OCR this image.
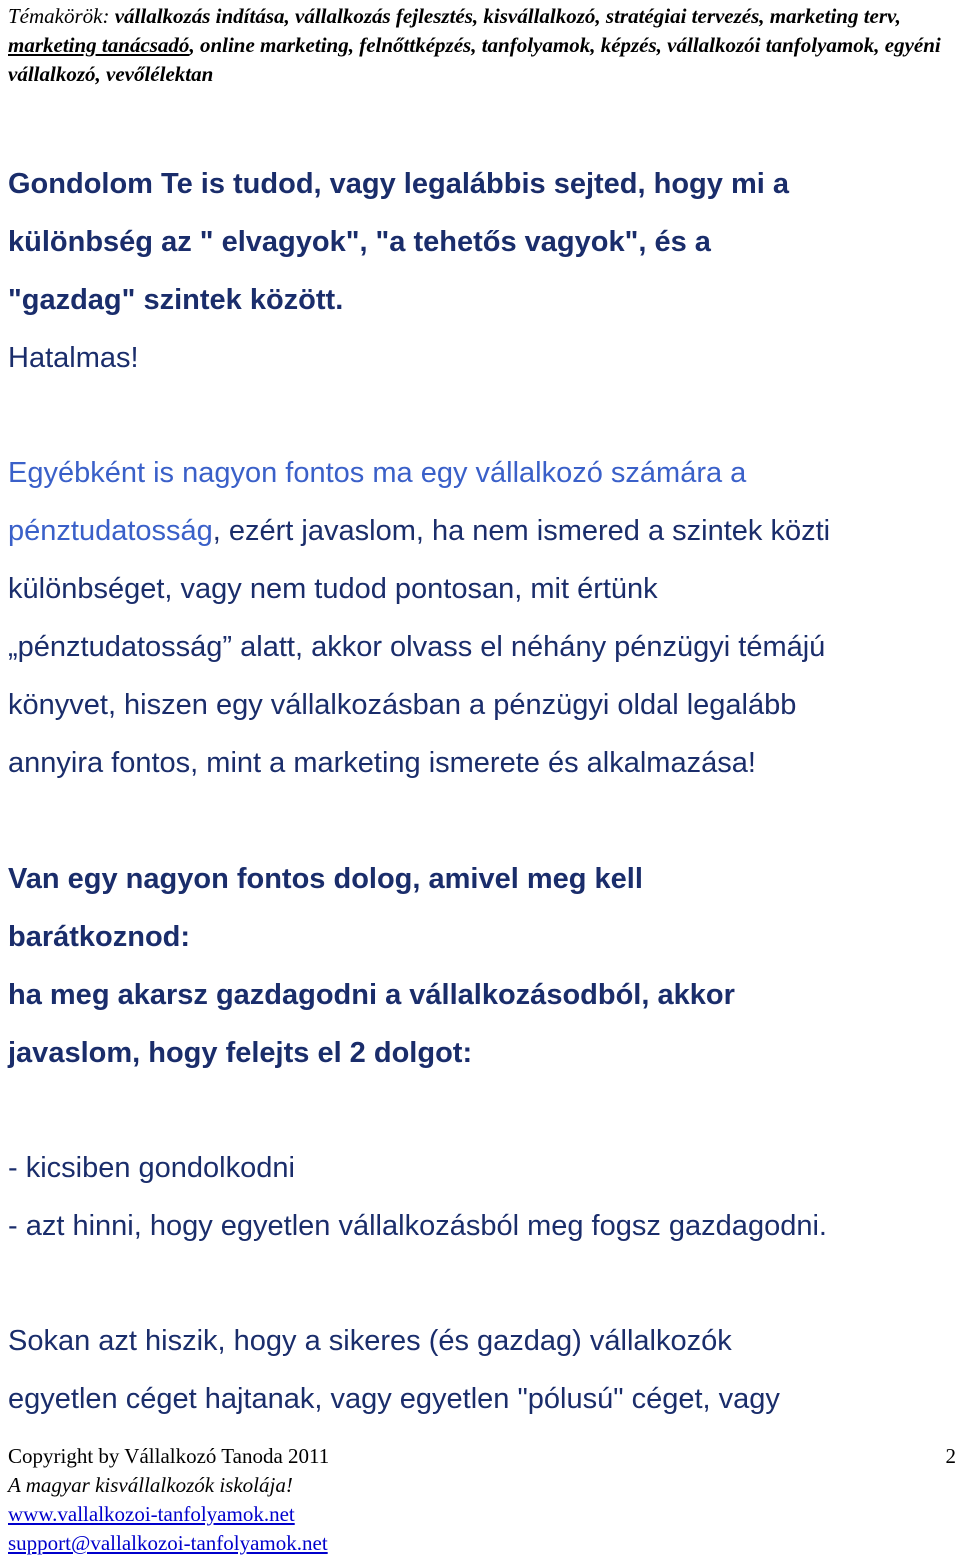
Témakörök: vállalkozás indítása, vállalkozás fejlesztés, kisvállalkozó, stratégiai tervezés, marketing terv, marketing tanácsadó, online marketing, felnőttképzés, tanfolyamok, képzés, vállalkozói tanfolyamok, egyéni vállalkozó, vevőlélektan
Gondolom Te is tudod, vagy legalábbis sejted, hogy mi a
különbség az " elvagyok", "a tehetős vagyok", és a
"gazdag" szintek között.
Hatalmas!
Egyébként is nagyon fontos ma egy vállalkozó számára a
pénztudatosság, ezért javaslom, ha nem ismered a szintek közti
különbséget, vagy nem tudod pontosan, mit értünk
„pénztudatosság” alatt, akkor olvass el néhány pénzügyi témájú
könyvet, hiszen egy vállalkozásban a pénzügyi oldal legalább
annyira fontos, mint a marketing ismerete és alkalmazása!
Van egy nagyon fontos dolog, amivel meg kell
barátkoznod:
ha meg akarsz gazdagodni a vállalkozásodból, akkor
javaslom, hogy felejts el 2 dolgot:
- kicsiben gondolkodni
- azt hinni, hogy egyetlen vállalkozásból meg fogsz gazdagodni.
Sokan azt hiszik, hogy a sikeres (és gazdag) vállalkozók
egyetlen céget hajtanak, vagy egyetlen "pólusú" céget, vagy
Copyright by Vállalkozó Tanoda 2011
A magyar kisvállalkozók iskolája!
www.vallalkozoi-tanfolyamok.net
support@vallalkozoi-tanfolyamok.net
2
